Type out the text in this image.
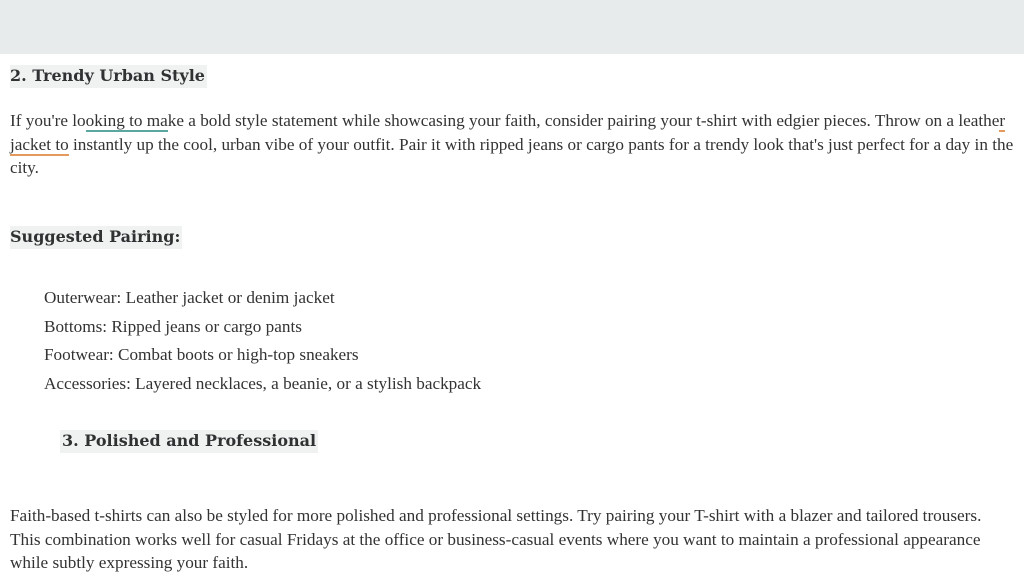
2. Trendy Urban Style

If you're looking to make a bold style statement while showcasing your faith, consider pairing your t-shirt with edgier pieces. Throw on a leather jacket to instantly up the cool, urban vibe of your outfit. Pair it with ripped jeans or cargo pants for a trendy look that's just perfect for a day in the city.

Suggested Pairing:
Outerwear: Leather jacket or denim jacket
Bottoms: Ripped jeans or cargo pants
Footwear: Combat boots or high-top sneakers
Accessories: Layered necklaces, a beanie, or a stylish backpack
3. Polished and Professional

Faith-based t-shirts can also be styled for more polished and professional settings. Try pairing your T-shirt with a blazer and tailored trousers. This combination works well for casual Fridays at the office or business-casual events where you want to maintain a professional appearance while subtly expressing your faith.
